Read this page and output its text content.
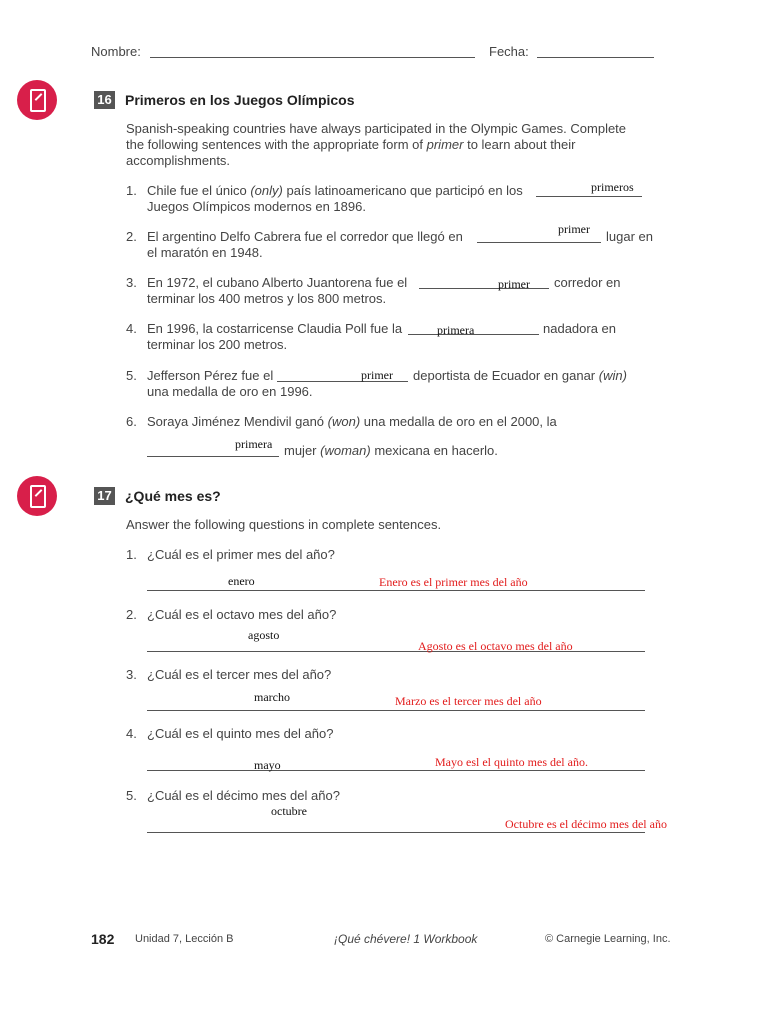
Nombre:	Fecha:
16 Primeros en los Juegos Olímpicos
Spanish-speaking countries have always participated in the Olympic Games. Complete
the following sentences with the appropriate form of primer to learn about their
accomplishments.
1. Chile fue el único (only) país latinoamericano que participó en los	primeros
Juegos Olímpicos modernos en 1896.
2. El argentino Delfo Cabrera fue el corredor que llegó en	primer lugar en
el maratón en 1948.
3. En 1972, el cubano Alberto Juantorena fue el	primer corredor en
terminar los 400 metros y los 800 metros.
4. En 1996, la costarricense Claudia Poll fue la	primera	nadadora en
terminar los 200 metros.
5. Jefferson Pérez fue el	primer deportista de Ecuador en ganar (win)
una medalla de oro en 1996.
6. Soraya Jiménez Mendivil ganó (won) una medalla de oro en el 2000, la
primera mujer (woman) mexicana en hacerlo.
17 ¿Qué mes es?
Answer the following questions in complete sentences.
1. ¿Cuál es el primer mes del año?
enero	Enero es el primer mes del año
2. ¿Cuál es el octavo mes del año?
agosto
Agosto es el octavo mes del año
3. ¿Cuál es el tercer mes del año?
marcho	Marzo es el tercer mes del año
4. ¿Cuál es el quinto mes del año?
mayo	Mayo esl el quinto mes del año.
5. ¿Cuál es el décimo mes del año?
octubre
Octubre es el décimo mes del año
182 Unidad 7, Lección B	¡Qué chévere! 1 Workbook	© Carnegie Learning, Inc.
